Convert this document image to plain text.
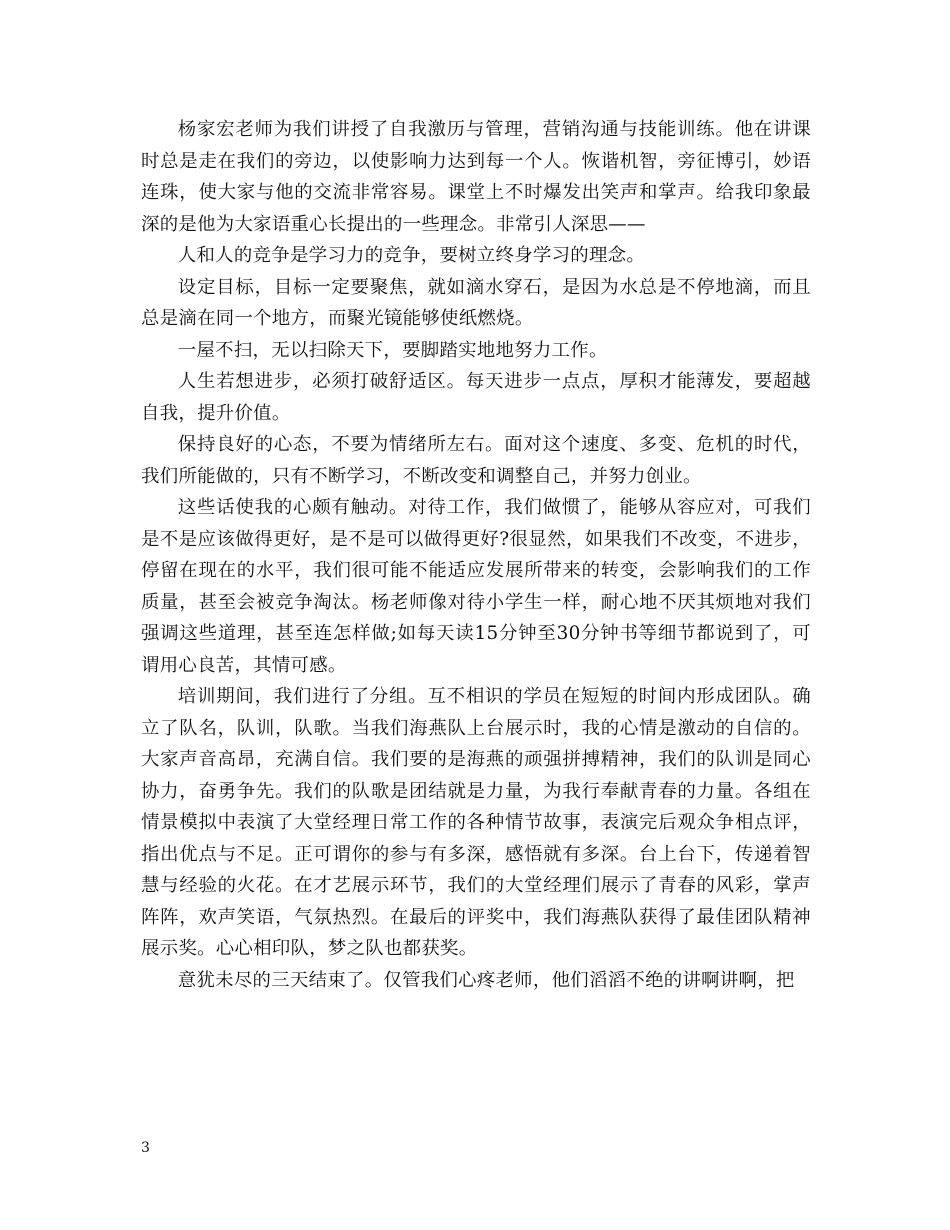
杨家宏老师为我们讲授了自我激历与管理，营销沟通与技能训练。他在讲课时总是走在我们的旁边，以使影响力达到每一个人。恢谐机智，旁征博引，妙语连珠，使大家与他的交流非常容易。课堂上不时爆发出笑声和掌声。给我印象最深的是他为大家语重心长提出的一些理念。非常引人深思——

人和人的竞争是学习力的竞争，要树立终身学习的理念。

设定目标，目标一定要聚焦，就如滴水穿石，是因为水总是不停地滴，而且总是滴在同一个地方，而聚光镜能够使纸燃烧。

一屋不扫，无以扫除天下，要脚踏实地地努力工作。

人生若想进步，必须打破舒适区。每天进步一点点，厚积才能薄发，要超越自我，提升价值。

保持良好的心态，不要为情绪所左右。面对这个速度、多变、危机的时代，我们所能做的，只有不断学习，不断改变和调整自己，并努力创业。

这些话使我的心颇有触动。对待工作，我们做惯了，能够从容应对，可我们是不是应该做得更好，是不是可以做得更好?很显然，如果我们不改变，不进步，停留在现在的水平，我们很可能不能适应发展所带来的转变，会影响我们的工作质量，甚至会被竞争淘汰。杨老师像对待小学生一样，耐心地不厌其烦地对我们强调这些道理，甚至连怎样做;如每天读15分钟至30分钟书等细节都说到了，可谓用心良苦，其情可感。

培训期间，我们进行了分组。互不相识的学员在短短的时间内形成团队。确立了队名，队训，队歌。当我们海燕队上台展示时，我的心情是激动的自信的。大家声音高昂，充满自信。我们要的是海燕的顽强拼搏精神，我们的队训是同心协力，奋勇争先。我们的队歌是团结就是力量，为我行奉献青春的力量。各组在情景模拟中表演了大堂经理日常工作的各种情节故事，表演完后观众争相点评，指出优点与不足。正可谓你的参与有多深，感悟就有多深。台上台下，传递着智慧与经验的火花。在才艺展示环节，我们的大堂经理们展示了青春的风彩，掌声阵阵，欢声笑语，气氛热烈。在最后的评奖中，我们海燕队获得了最佳团队精神展示奖。心心相印队，梦之队也都获奖。

意犹未尽的三天结束了。仅管我们心疼老师，他们滔滔不绝的讲啊讲啊，把

3
